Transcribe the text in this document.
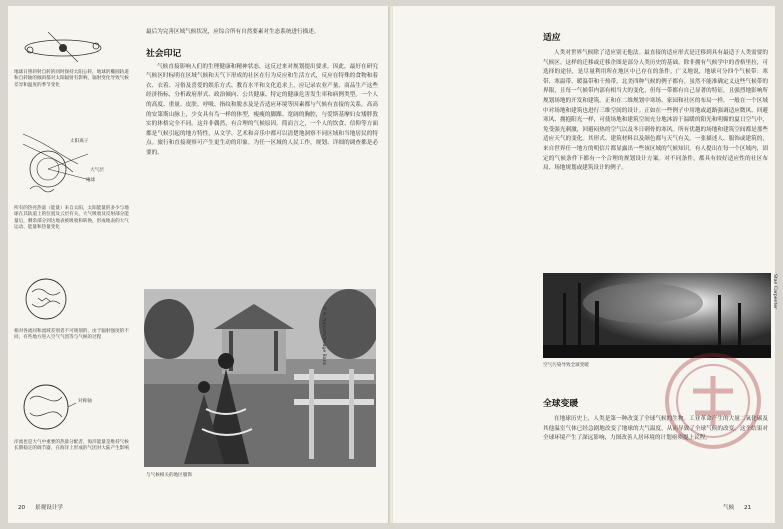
地球日照斜射自转的同时保持太阳公转，地球的椭圆轨道和自转轴的倾斜都对太阳辐射有影响，辐射变化导致气候差异和温度的季节变化
太阳离子
大气层
地球
所有的热亮热量（能量）来自太阳，太阳能量的多少与地球在其轨道上的位置及云层有关，大气吸收及反射部分能量后，剩余部分到达地表被吸收和转换，形成地表的大气运动、能量和热量变化
相对各流同和流域差别者不可规划的，由于辐射强度的不同，有些地方进入空气气团等与气候的过程
对称轴
洋流也是大气中重要的热量分配者，海洋能量是维持气候长期稳定的调节器，在海洋上形成的气团对大陆产生影响

最后为完善区域气候状况，应综合所有自然要素对生态系统进行描述。

社会印记

气候直接影响人们的生理健康和精神状态，这反过来对规划提出要求。因此，最好在研究气候区时标明在区域气候和天气下形成的社区在行为反应和生活方式，反应在特殊的食物和着衣、衣着、习俗及喜爱的娱乐方式、教育水平和文化追求上，应记录农业产量、商品生产这些经济指标，分析政府形式、政治倾向、公共健康、特定的健康危害发生率和病例类型。一个人的高度、重量、皮肤、呼吸、指纹和脱水及是否适应环境等因素都与气候有直接的关系。高高的安第斯山脉上，少女具有鸟一样的体型，瘦瘦的脚踝、宽阔的胸腔，与爱斯基摩妇女矮胖敦实的体格完全不同。这并非偶然，有合理的气候原因。简而言之，一个人的饮食、信仰等方面都是气候引起的地方特性，从文学、艺术和音乐中都可以清楚地洞察不同区域和当地居民的特点。旅行和直接观察可产生更生动的印象。为任一区域的人民工作，规划、详细的调查都是必要的。

© A. Navarro/Image Bank
与气候相关的地区服饰
20 景观设计学
适应

人类对世界气候除了适应别无他法。最直接的适应形式是迁移到具有最适于人类需要的气候区。这样的迁移或迁移企图是部分人类历史的基础。除非拥有气候学中的香格里拉，可选择的途径，是尽量利用所在地区中已存在的条件。广义地说，地球可分四个气候带：寒带、寒温带、暖温带和干热带。北美四种气候的例子都有。虽然不能准确定义这些气候带的界限，且每一气候带内部有相当大的变化，但每一带都有自己显著的特征，且强烈地影响所规划场地的开发和建筑。正和在二维规划中寒场、家园和社区的布局一样，一般在一个区域中对场地和建筑也进行三维空间的设计。正如在一些例子中用地或道路强调适应微风、回避寒风、拥抱阳光一样，可使场地和建筑空间充分地沐浴于温暖的阳光和明媚的夏日空气中，免受强光刺激，回避闷热的空气以及冬日刺骨的寒风。所有优越的场地和建筑空间都是那些适应天气的变化。其形式、建筑材料以及颜色都与天气有关。一张描述人、服饰或建筑的，来自世界任一地方的明信片都显露出一些该区域的气候知识。有人提出在每一个区域内，固定的气候条件下都有一个合理的规划设计方案。对不同条件，都具有较好适应性的社区布局、场地规划或建筑设计的例子。

Stan Carpenter
空气污染导致全球变暖
全球变暖

在地球历史上，人类是第一种改变了全球气候的生物。工业革命产生的大量二氧化碳及其他温室气体已经急剧地改变了地球的大气温度，从而导致了全球气候的改变。这个结果对全球环境产生了深远影响，力图改善人居环境的计划亟须提上议程。

气候 21
